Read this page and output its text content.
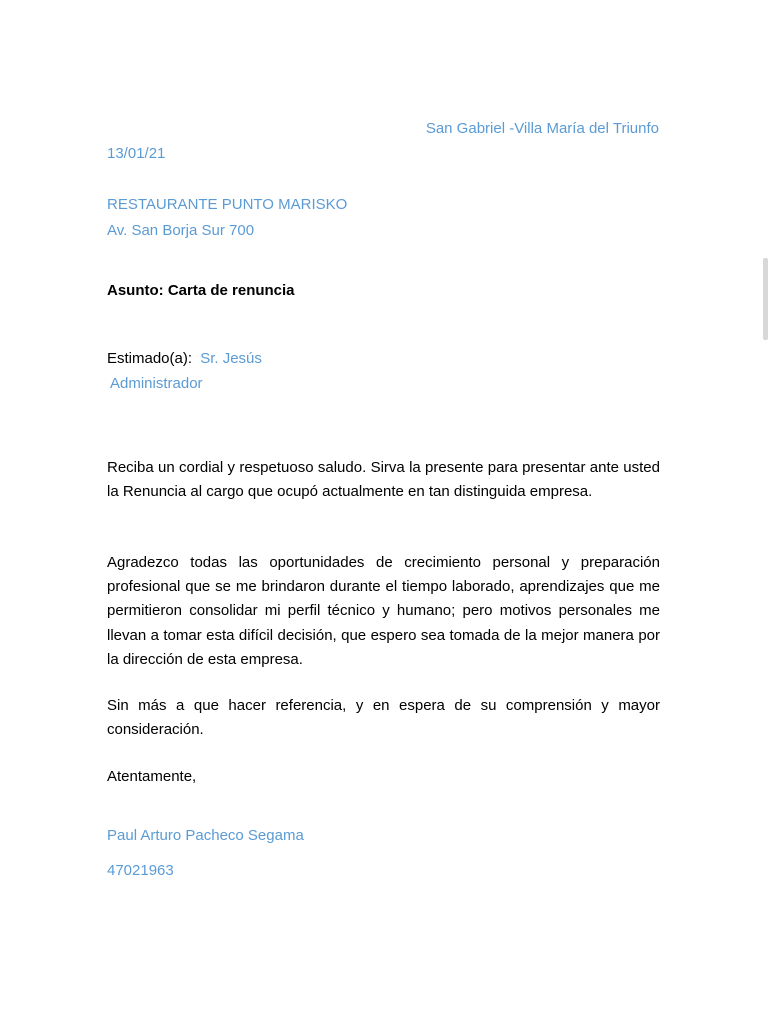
San Gabriel -Villa María del Triunfo
13/01/21
RESTAURANTE PUNTO MARISKO
Av. San Borja Sur 700
Asunto: Carta de renuncia
Estimado(a): Sr. Jesús
Administrador

Reciba un cordial y respetuoso saludo. Sirva la presente para presentar ante usted la Renuncia al cargo que ocupó actualmente en tan distinguida empresa.

Agradezco todas las oportunidades de crecimiento personal y preparación profesional que se me brindaron durante el tiempo laborado, aprendizajes que me permitieron consolidar mi perfil técnico y humano; pero motivos personales me llevan a tomar esta difícil decisión, que espero sea tomada de la mejor manera por la dirección de esta empresa.

Sin más a que hacer referencia, y en espera de su comprensión y mayor consideración.

Atentamente,
Paul Arturo Pacheco Segama
47021963
